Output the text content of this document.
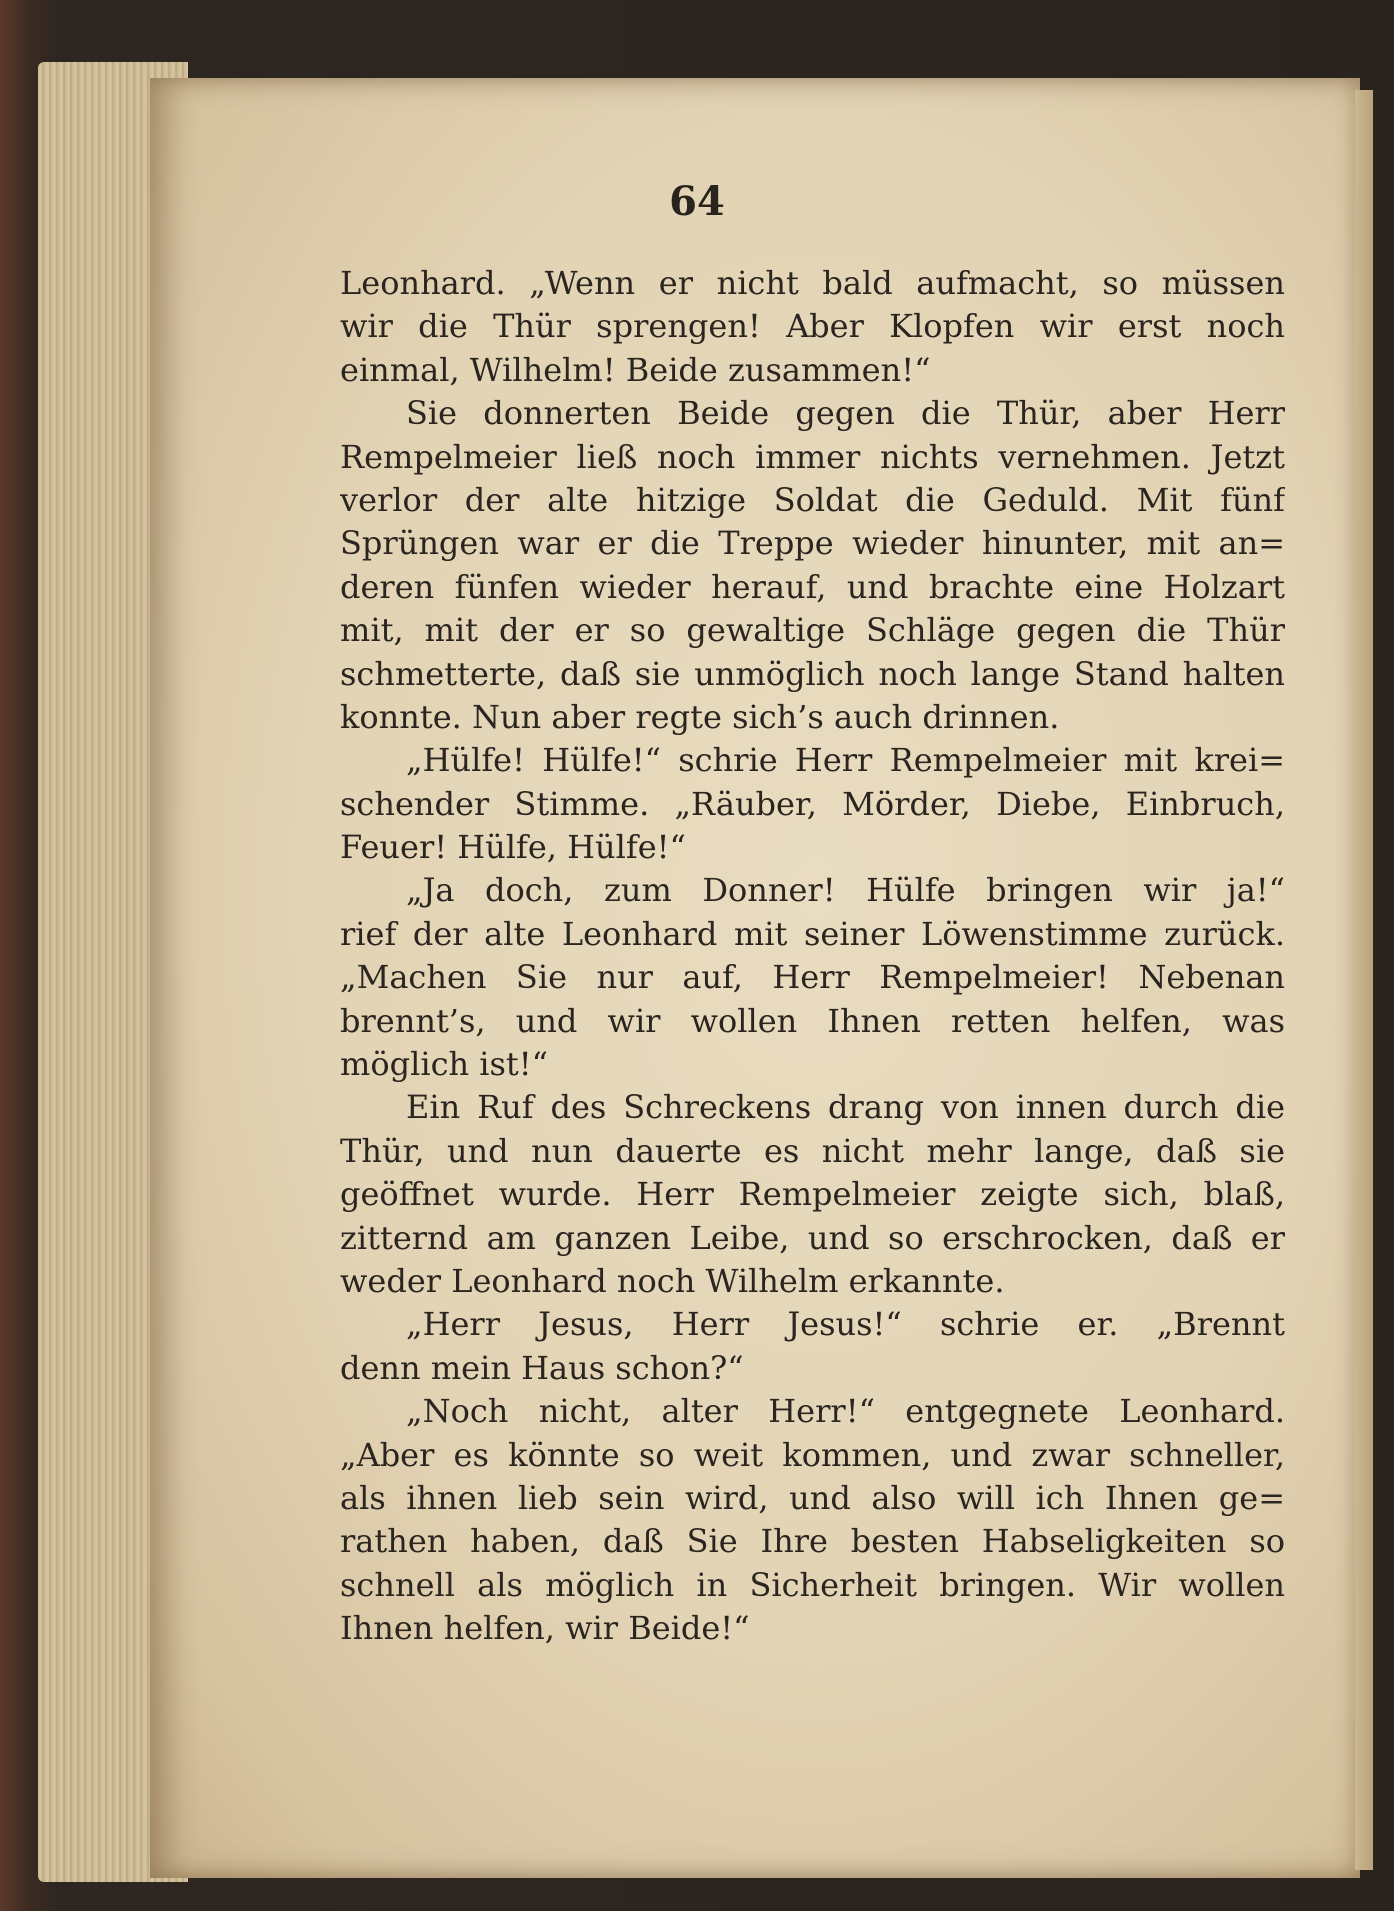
64
Leonhard. „Wenn er nicht bald aufmacht, so müssen
wir die Thür sprengen! Aber Klopfen wir erst noch
einmal, Wilhelm! Beide zusammen!“
Sie donnerten Beide gegen die Thür, aber Herr
Rempelmeier ließ noch immer nichts vernehmen. Jetzt
verlor der alte hitzige Soldat die Geduld. Mit fünf
Sprüngen war er die Treppe wieder hinunter, mit an=
deren fünfen wieder herauf, und brachte eine Holzart
mit, mit der er so gewaltige Schläge gegen die Thür
schmetterte, daß sie unmöglich noch lange Stand halten
konnte. Nun aber regte sich’s auch drinnen.
„Hülfe! Hülfe!“ schrie Herr Rempelmeier mit krei=
schender Stimme. „Räuber, Mörder, Diebe, Einbruch,
Feuer! Hülfe, Hülfe!“
„Ja doch, zum Donner! Hülfe bringen wir ja!“
rief der alte Leonhard mit seiner Löwenstimme zurück.
„Machen Sie nur auf, Herr Rempelmeier! Nebenan
brennt’s, und wir wollen Ihnen retten helfen, was
möglich ist!“
Ein Ruf des Schreckens drang von innen durch die
Thür, und nun dauerte es nicht mehr lange, daß sie
geöffnet wurde. Herr Rempelmeier zeigte sich, blaß,
zitternd am ganzen Leibe, und so erschrocken, daß er
weder Leonhard noch Wilhelm erkannte.
„Herr Jesus, Herr Jesus!“ schrie er. „Brennt
denn mein Haus schon?“
„Noch nicht, alter Herr!“ entgegnete Leonhard.
„Aber es könnte so weit kommen, und zwar schneller,
als ihnen lieb sein wird, und also will ich Ihnen ge=
rathen haben, daß Sie Ihre besten Habseligkeiten so
schnell als möglich in Sicherheit bringen. Wir wollen
Ihnen helfen, wir Beide!“
